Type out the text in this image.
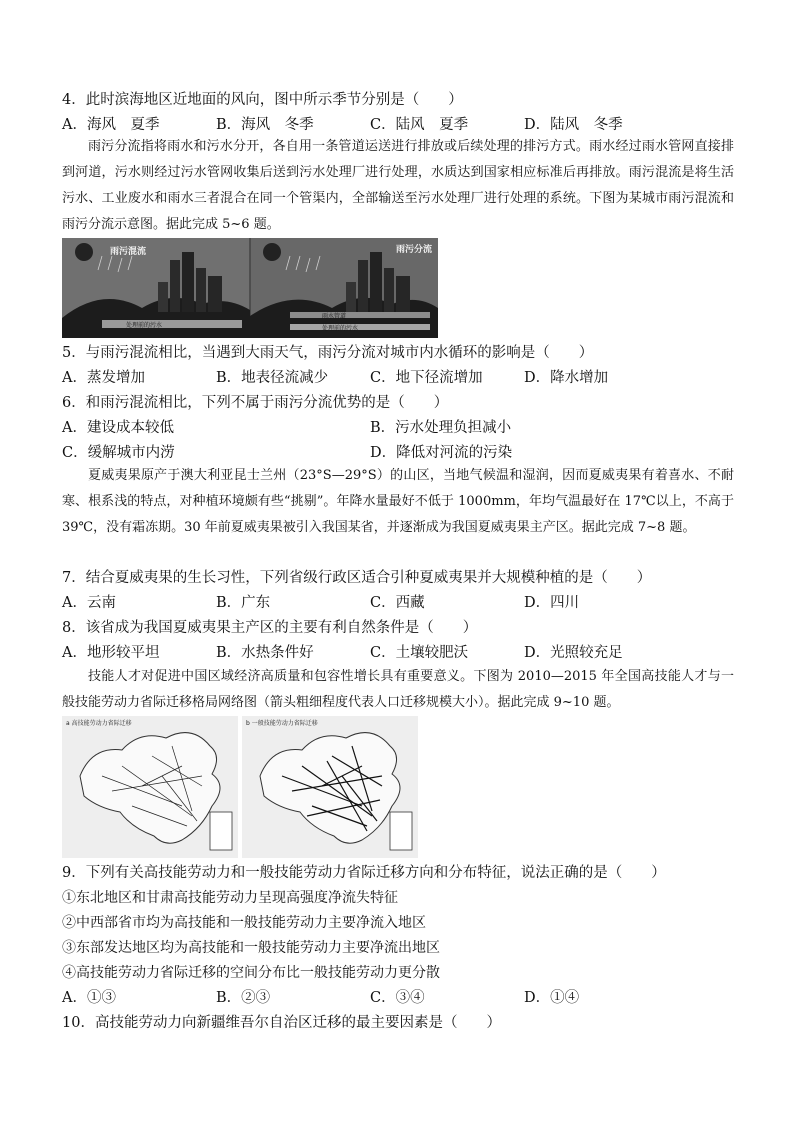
4．此时滨海地区近地面的风向，图中所示季节分别是（　　）
A．海风　夏季	B．海风　冬季	C．陆风　夏季	D．陆风　冬季

雨污分流指将雨水和污水分开，各自用一条管道运送进行排放或后续处理的排污方式。雨水经过雨水管网直接排到河道，污水则经过污水管网收集后送到污水处理厂进行处理，水质达到国家相应标准后再排放。雨污混流是将生活污水、工业废水和雨水三者混合在同一个管渠内，全部输送至污水处理厂进行处理的系统。下图为某城市雨污混流和雨污分流示意图。据此完成 5~6 题。

雨污混流	雨污分流
处理前的污水
雨水管道
处理前的污水
5．与雨污混流相比，当遇到大雨天气，雨污分流对城市内水循环的影响是（　　）
A．蒸发增加	B．地表径流减少	C．地下径流增加	D．降水增加
6．和雨污混流相比，下列不属于雨污分流优势的是（　　）
A．建设成本较低	B．污水处理负担减小
C．缓解城市内涝	D．降低对河流的污染

夏威夷果原产于澳大利亚昆士兰州（23°S—29°S）的山区，当地气候温和湿润，因而夏威夷果有着喜水、不耐寒、根系浅的特点，对种植环境颇有些“挑剔”。年降水量最好不低于 1000mm，年均气温最好在 17℃以上，不高于 39℃，没有霜冻期。30 年前夏威夷果被引入我国某省，并逐渐成为我国夏威夷果主产区。据此完成 7~8 题。

7．结合夏威夷果的生长习性，下列省级行政区适合引种夏威夷果并大规模种植的是（　　）
A．云南	B．广东	C．西藏	D．四川
8．该省成为我国夏威夷果主产区的主要有利自然条件是（　　）
A．地形较平坦	B．水热条件好	C．土壤较肥沃	D．光照较充足

技能人才对促进中国区域经济高质量和包容性增长具有重要意义。下图为 2010—2015 年全国高技能人才与一般技能劳动力省际迁移格局网络图（箭头粗细程度代表人口迁移规模大小）。据此完成 9~10 题。

a 高技能劳动力省际迁移	b 一般技能劳动力省际迁移
9．下列有关高技能劳动力和一般技能劳动力省际迁移方向和分布特征，说法正确的是（　　）
①东北地区和甘肃高技能劳动力呈现高强度净流失特征
②中西部省市均为高技能和一般技能劳动力主要净流入地区
③东部发达地区均为高技能和一般技能劳动力主要净流出地区
④高技能劳动力省际迁移的空间分布比一般技能劳动力更分散
A．①③	B．②③	C．③④	D．①④
10．高技能劳动力向新疆维吾尔自治区迁移的最主要因素是（　　）
